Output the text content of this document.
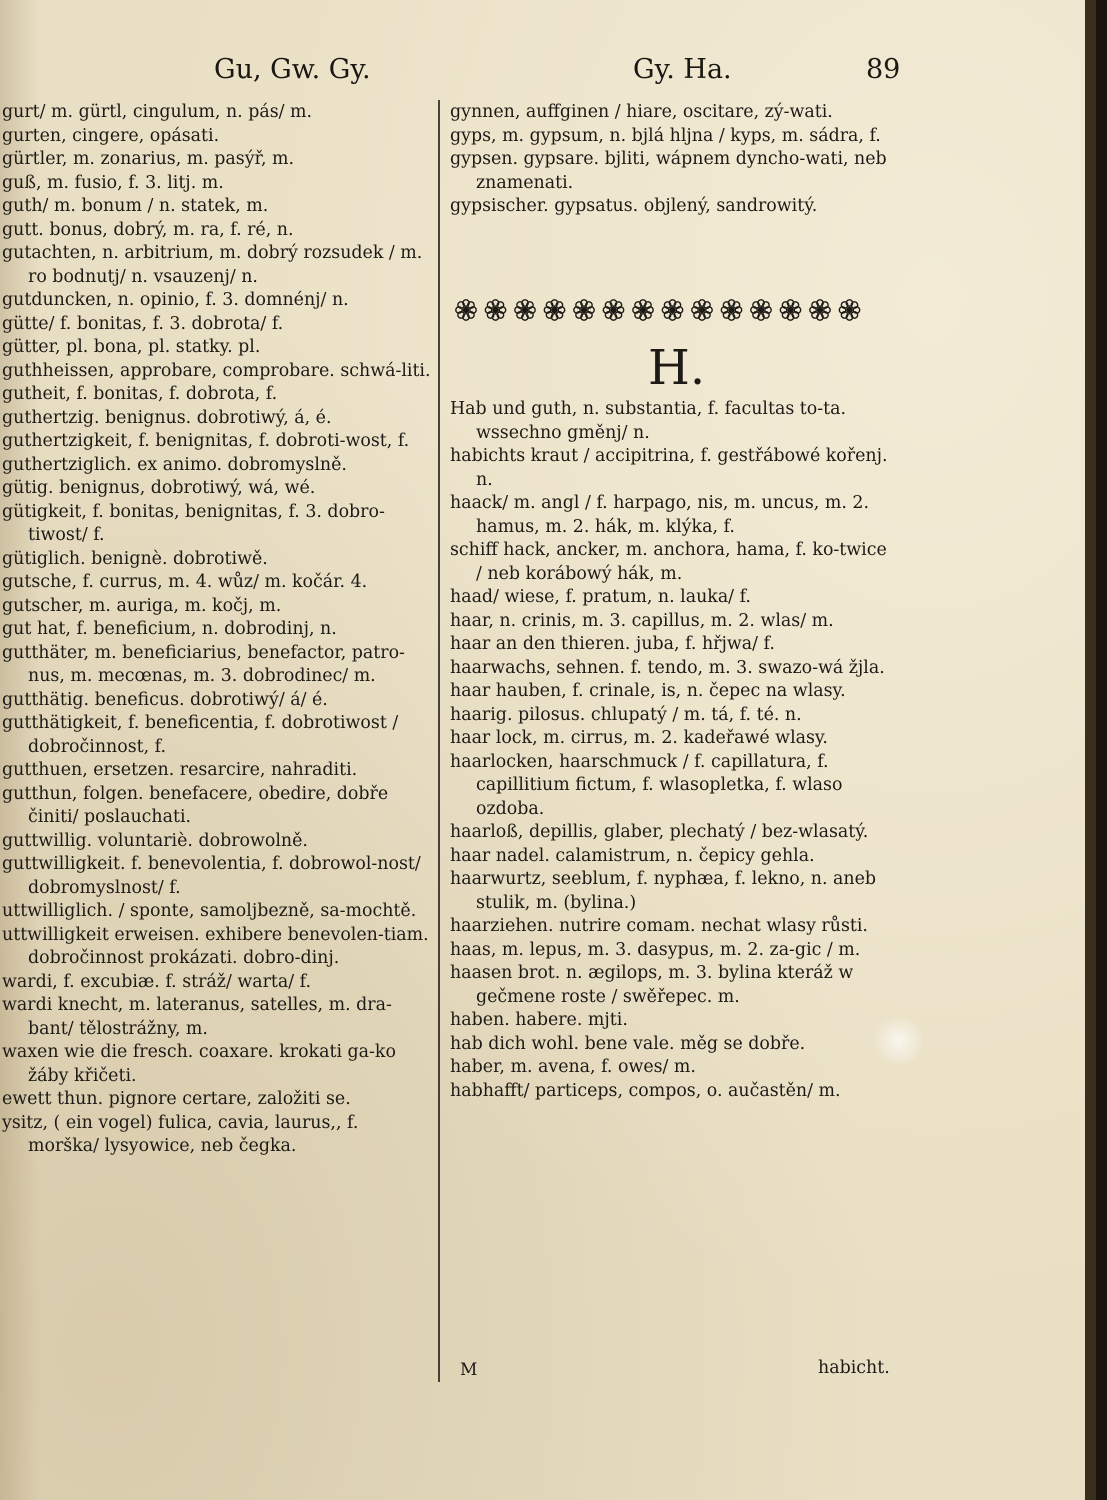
Gu, Gw. Gy.	Gy. Ha.	89
gurt/ m. gürtl, cingulum, n. pás/ m.
gurten, cingere, opásati.
gürtler, m. zonarius, m. pasýř, m.
guß, m. fusio, f. 3. litj. m.
guth/ m. bonum / n. statek, m.
gutt. bonus, dobrý, m. ra, f. ré, n.
gutachten, n. arbitrium, m. dobrý rozsudek / m. ro bodnutj/ n. vsauzenj/ n.
gutduncken, n. opinio, f. 3. domnénj/ n.
gütte/ f. bonitas, f. 3. dobrota/ f.
gütter, pl. bona, pl. statky. pl.
guthheissen, approbare, comprobare. schwá-liti.
gutheit, f. bonitas, f. dobrota, f.
guthertzig. benignus. dobrotiwý, á, é.
guthertzigkeit, f. benignitas, f. dobroti-wost, f.
guthertziglich. ex animo. dobromyslně.
gütig. benignus, dobrotiwý, wá, wé.
gütigkeit, f. bonitas, benignitas, f. 3. dobro-tiwost/ f.
gütiglich. benignè. dobrotiwě.
gutsche, f. currus, m. 4. wůz/ m. kočár. 4.
gutscher, m. auriga, m. kočj, m.
gut hat, f. beneficium, n. dobrodinj, n.
gutthäter, m. beneficiarius, benefactor, patro-nus, m. mecœnas, m. 3. dobrodinec/ m.
gutthätig. beneficus. dobrotiwý/ á/ é.
gutthätigkeit, f. beneficentia, f. dobrotiwost / dobročinnost, f.
gutthuen, ersetzen. resarcire, nahraditi.
gutthun, folgen. benefacere, obedire, dobře činiti/ poslauchati.
guttwillig. voluntariè. dobrowolně.
guttwilligkeit. f. benevolentia, f. dobrowol-nost/ dobromyslnost/ f.
uttwilliglich. / sponte, samoljbezně, sa-mochtě.
uttwilligkeit erweisen. exhibere benevolen-tiam. dobročinnost prokázati. dobro-dinj.
wardi, f. excubiæ. f. stráž/ warta/ f.
wardi knecht, m. lateranus, satelles, m. dra-bant/ tělostrážny, m.
waxen wie die fresch. coaxare. krokati ga-ko žáby křičeti.
ewett thun. pignore certare, založiti se.
ysitz, ( ein vogel) fulica, cavia, laurus,, f. morška/ lysyowice, neb čegka.
gynnen, auffginen / hiare, oscitare, zý-wati.
gyps, m. gypsum, n. bjlá hljna / kyps, m. sádra, f.
gypsen. gypsare. bjliti, wápnem dyncho-wati, neb znamenati.
gypsischer. gypsatus. objlený, sandrowitý.
H.
Hab und guth, n. substantia, f. facultas to-ta. wssechno gměnj/ n.
habichts kraut / accipitrina, f. gestřábowé kořenj. n.
haack/ m. angl / f. harpago, nis, m. uncus, m. 2. hamus, m. 2. hák, m. klýka, f.
schiff hack, ancker, m. anchora, hama, f. ko-twice / neb korábowý hák, m.
haad/ wiese, f. pratum, n. lauka/ f.
haar, n. crinis, m. 3. capillus, m. 2. wlas/ m.
haar an den thieren. juba, f. hřjwa/ f.
haarwachs, sehnen. f. tendo, m. 3. swazo-wá žjla.
haar hauben, f. crinale, is, n. čepec na wlasy.
haarig. pilosus. chlupatý / m. tá, f. té. n.
haar lock, m. cirrus, m. 2. kadeřawé wlasy.
haarlocken, haarschmuck / f. capillatura, f. capillitium fictum, f. wlasopletka, f. wlaso ozdoba.
haarloß, depillis, glaber, plechatý / bez-wlasatý.
haar nadel. calamistrum, n. čepicy gehla.
haarwurtz, seeblum, f. nyphæa, f. lekno, n. aneb stulik, m. (bylina.)
haarziehen. nutrire comam. nechat wlasy růsti.
haas, m. lepus, m. 3. dasypus, m. 2. za-gic / m.
haasen brot. n. ægilops, m. 3. bylina kteráž w gečmene roste / swěřepec. m.
haben. habere. mjti.
hab dich wohl. bene vale. měg se dobře.
haber, m. avena, f. owes/ m.
habhafft/ particeps, compos, o. aučastěn/ m.
M	habicht.
